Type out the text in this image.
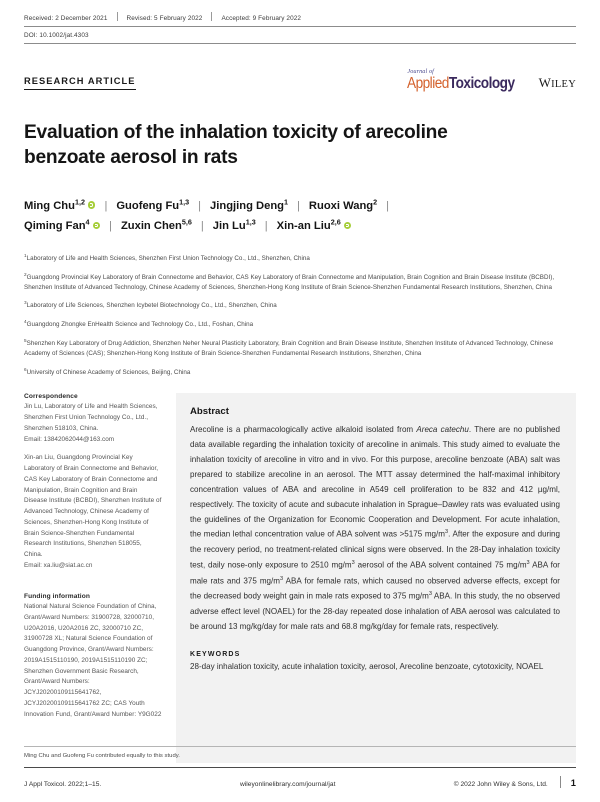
Received: 2 December 2021	Revised: 5 February 2022	Accepted: 9 February 2022
DOI: 10.1002/jat.4303
RESEARCH ARTICLE
Journal of
AppliedToxicology WILEY
Evaluation of the inhalation toxicity of arecoline benzoate aerosol in rats
Ming Chu$^{1,2}$ | Guofeng Fu$^{1,3}$ | Jingjing Deng$^1$ | Ruoxi Wang$^2$ |
Qiming Fan$^4$ | Zuxin Chen$^{5,6}$ | Jin Lu$^{1,3}$ | Xin-an Liu$^{2,6}$
$^1$Laboratory of Life and Health Sciences, Shenzhen First Union Technology Co., Ltd., Shenzhen, China
$^2$Guangdong Provincial Key Laboratory of Brain Connectome and Behavior, CAS Key Laboratory of Brain Connectome and Manipulation, Brain Cognition and Brain Disease Institute (BCBDI), Shenzhen Institute of Advanced Technology, Chinese Academy of Sciences, Shenzhen-Hong Kong Institute of Brain Science-Shenzhen Fundamental Research Institutions, Shenzhen, China
$^3$Laboratory of Life Sciences, Shenzhen Icybetel Biotechnology Co., Ltd., Shenzhen, China
$^4$Guangdong Zhongke EnHealth Science and Technology Co., Ltd., Foshan, China
$^5$Shenzhen Key Laboratory of Drug Addiction, Shenzhen Neher Neural Plasticity Laboratory, Brain Cognition and Brain Disease Institute, Shenzhen Institute of Advanced Technology, Chinese Academy of Sciences (CAS); Shenzhen-Hong Kong Institute of Brain Science-Shenzhen Fundamental Research Institutions, Shenzhen, China
$^6$University of Chinese Academy of Sciences, Beijing, China
Correspondence
Jin Lu, Laboratory of Life and Health Sciences, Shenzhen First Union Technology Co., Ltd., Shenzhen 518103, China.
Email: 13842062044@163.com
Xin-an Liu, Guangdong Provincial Key Laboratory of Brain Connectome and Behavior, CAS Key Laboratory of Brain Connectome and Manipulation, Brain Cognition and Brain Disease Institute (BCBDI), Shenzhen Institute of Advanced Technology, Chinese Academy of Sciences, Shenzhen-Hong Kong Institute of Brain Science-Shenzhen Fundamental Research Institutions, Shenzhen 518055, China.
Email: xa.liu@siat.ac.cn
Funding information
National Natural Science Foundation of China, Grant/Award Numbers: 31900728, 32000710, U20A2016, U20A2016 ZC, 32000710 ZC, 31900728 XL; Natural Science Foundation of Guangdong Province, Grant/Award Numbers: 2019A1515110190, 2019A1515110190 ZC; Shenzhen Government Basic Research, Grant/Award Numbers: JCYJ20200109115641762, JCYJ20200109115641762 ZC; CAS Youth Innovation Fund, Grant/Award Number: Y9G022
Abstract
Arecoline is a pharmacologically active alkaloid isolated from Areca catechu. There are no published data available regarding the inhalation toxicity of arecoline in animals. This study aimed to evaluate the inhalation toxicity of arecoline in vitro and in vivo. For this purpose, arecoline benzoate (ABA) salt was prepared to stabilize arecoline in an aerosol. The MTT assay determined the half-maximal inhibitory concentration values of ABA and arecoline in A549 cell proliferation to be 832 and 412 µg/ml, respectively. The toxicity of acute and subacute inhalation in Sprague–Dawley rats was evaluated using the guidelines of the Organization for Economic Cooperation and Development. For acute inhalation, the median lethal concentration value of ABA solvent was >5175 $mg/m^3$. After the exposure and during the recovery period, no treatment-related clinical signs were observed. In the 28-Day inhalation toxicity test, daily nose-only exposure to 2510 $mg/m^3$ aerosol of the ABA solvent contained 75 $mg/m^3$ ABA for male rats and 375 $mg/m^3$ ABA for female rats, which caused no observed adverse effects, except for the decreased body weight gain in male rats exposed to 375 $mg/m^3$ ABA. In this study, the no observed adverse effect level (NOAEL) for the 28-day repeated dose inhalation of ABA aerosol was calculated to be around 13 mg/kg/day for male rats and 68.8 mg/kg/day for female rats, respectively.
KEYWORDS
28-day inhalation toxicity, acute inhalation toxicity, aerosol, Arecoline benzoate, cytotoxicity, NOAEL
Ming Chu and Guofeng Fu contributed equally to this study.
J Appl Toxicol. 2022;1–15.	wileyonlinelibrary.com/journal/jat	© 2022 John Wiley & Sons, Ltd. 1
